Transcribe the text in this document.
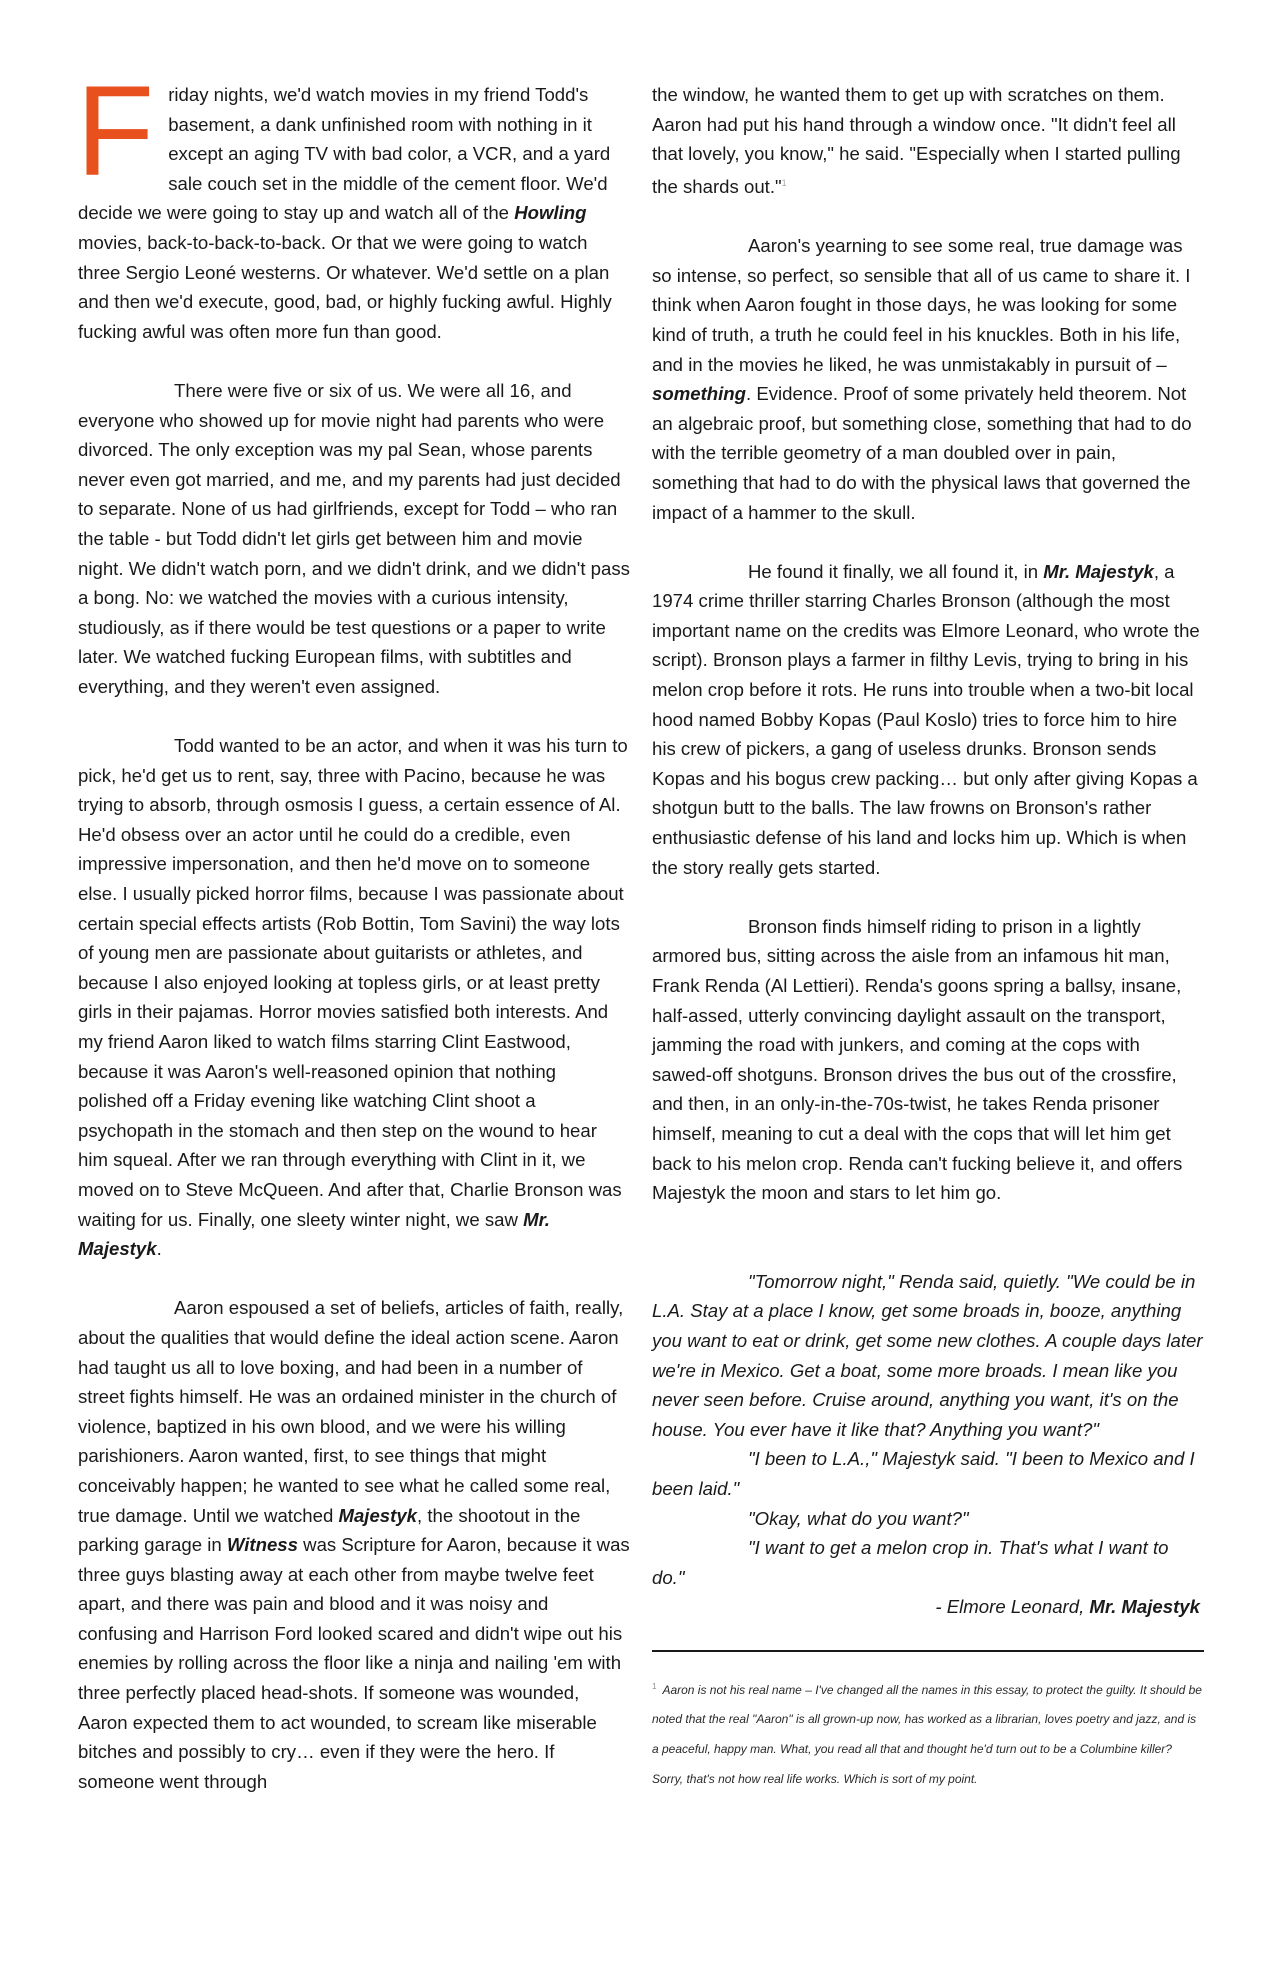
Friday nights, we'd watch movies in my friend Todd's basement, a dank unfinished room with nothing in it except an aging TV with bad color, a VCR, and a yard sale couch set in the middle of the cement floor. We'd decide we were going to stay up and watch all of the Howling movies, back-to-back-to-back. Or that we were going to watch three Sergio Leoné westerns. Or whatever. We'd settle on a plan and then we'd execute, good, bad, or highly fucking awful. Highly fucking awful was often more fun than good.

There were five or six of us. We were all 16, and everyone who showed up for movie night had parents who were divorced. The only exception was my pal Sean, whose parents never even got married, and me, and my parents had just decided to separate. None of us had girlfriends, except for Todd – who ran the table - but Todd didn't let girls get between him and movie night. We didn't watch porn, and we didn't drink, and we didn't pass a bong. No: we watched the movies with a curious intensity, studiously, as if there would be test questions or a paper to write later. We watched fucking European films, with subtitles and everything, and they weren't even assigned.

Todd wanted to be an actor, and when it was his turn to pick, he'd get us to rent, say, three with Pacino, because he was trying to absorb, through osmosis I guess, a certain essence of Al. He'd obsess over an actor until he could do a credible, even impressive impersonation, and then he'd move on to someone else. I usually picked horror films, because I was passionate about certain special effects artists (Rob Bottin, Tom Savini) the way lots of young men are passionate about guitarists or athletes, and because I also enjoyed looking at topless girls, or at least pretty girls in their pajamas. Horror movies satisfied both interests. And my friend Aaron liked to watch films starring Clint Eastwood, because it was Aaron's well-reasoned opinion that nothing polished off a Friday evening like watching Clint shoot a psychopath in the stomach and then step on the wound to hear him squeal. After we ran through everything with Clint in it, we moved on to Steve McQueen. And after that, Charlie Bronson was waiting for us. Finally, one sleety winter night, we saw Mr. Majestyk.

Aaron espoused a set of beliefs, articles of faith, really, about the qualities that would define the ideal action scene. Aaron had taught us all to love boxing, and had been in a number of street fights himself. He was an ordained minister in the church of violence, baptized in his own blood, and we were his willing parishioners. Aaron wanted, first, to see things that might conceivably happen; he wanted to see what he called some real, true damage. Until we watched Majestyk, the shootout in the parking garage in Witness was Scripture for Aaron, because it was three guys blasting away at each other from maybe twelve feet apart, and there was pain and blood and it was noisy and confusing and Harrison Ford looked scared and didn't wipe out his enemies by rolling across the floor like a ninja and nailing 'em with three perfectly placed head-shots. If someone was wounded, Aaron expected them to act wounded, to scream like miserable bitches and possibly to cry… even if they were the hero. If someone went through

the window, he wanted them to get up with scratches on them. Aaron had put his hand through a window once. "It didn't feel all that lovely, you know," he said. "Especially when I started pulling the shards out."$^1$

Aaron's yearning to see some real, true damage was so intense, so perfect, so sensible that all of us came to share it. I think when Aaron fought in those days, he was looking for some kind of truth, a truth he could feel in his knuckles. Both in his life, and in the movies he liked, he was unmistakably in pursuit of – something. Evidence. Proof of some privately held theorem. Not an algebraic proof, but something close, something that had to do with the terrible geometry of a man doubled over in pain, something that had to do with the physical laws that governed the impact of a hammer to the skull.

He found it finally, we all found it, in Mr. Majestyk, a 1974 crime thriller starring Charles Bronson (although the most important name on the credits was Elmore Leonard, who wrote the script). Bronson plays a farmer in filthy Levis, trying to bring in his melon crop before it rots. He runs into trouble when a two-bit local hood named Bobby Kopas (Paul Koslo) tries to force him to hire his crew of pickers, a gang of useless drunks. Bronson sends Kopas and his bogus crew packing… but only after giving Kopas a shotgun butt to the balls. The law frowns on Bronson's rather enthusiastic defense of his land and locks him up. Which is when the story really gets started.

Bronson finds himself riding to prison in a lightly armored bus, sitting across the aisle from an infamous hit man, Frank Renda (Al Lettieri). Renda's goons spring a ballsy, insane, half-assed, utterly convincing daylight assault on the transport, jamming the road with junkers, and coming at the cops with sawed-off shotguns. Bronson drives the bus out of the crossfire, and then, in an only-in-the-70s-twist, he takes Renda prisoner himself, meaning to cut a deal with the cops that will let him get back to his melon crop. Renda can't fucking believe it, and offers Majestyk the moon and stars to let him go.

"Tomorrow night," Renda said, quietly. "We could be in L.A. Stay at a place I know, get some broads in, booze, anything you want to eat or drink, get some new clothes. A couple days later we're in Mexico. Get a boat, some more broads. I mean like you never seen before. Cruise around, anything you want, it's on the house. You ever have it like that? Anything you want?"

"I been to L.A.," Majestyk said. "I been to Mexico and I been laid."

"Okay, what do you want?"

"I want to get a melon crop in. That's what I want to do."

- Elmore Leonard, Mr. Majestyk

$^1$ Aaron is not his real name – I've changed all the names in this essay, to protect the guilty. It should be noted that the real "Aaron" is all grown-up now, has worked as a librarian, loves poetry and jazz, and is a peaceful, happy man. What, you read all that and thought he'd turn out to be a Columbine killer? Sorry, that's not how real life works. Which is sort of my point.
